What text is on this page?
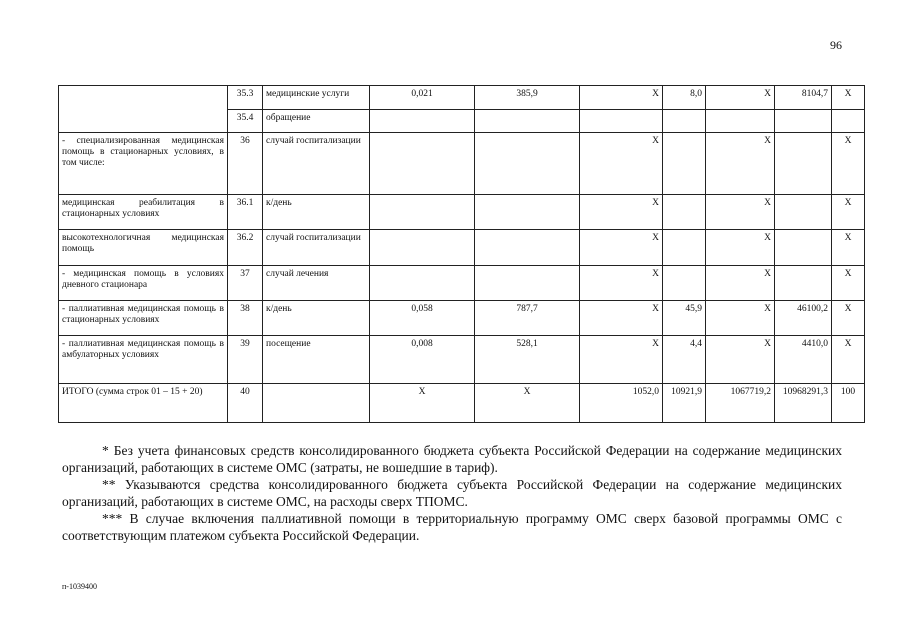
96
	35.3	медицинские услуги	0,021	385,9	Х	8,0	Х	8104,7	Х
	35.4	обращение							
- специализированная медицинская помощь в стационарных условиях, в том числе:	36	случай госпитализации			Х		Х		Х
медицинская реабилитация в стационарных условиях	36.1	к/день			Х		Х		Х
высокотехнологичная медицинская помощь	36.2	случай госпитализации			Х		Х		Х
- медицинская помощь в условиях дневного стационара	37	случай лечения			Х		Х		Х
- паллиативная медицинская помощь в стационарных условиях	38	к/день	0,058	787,7	Х	45,9	Х	46100,2	Х
- паллиативная медицинская помощь в амбулаторных условиях	39	посещение	0,008	528,1	Х	4,4	Х	4410,0	Х
ИТОГО (сумма строк 01 – 15 + 20)	40		Х	Х	1052,0	10921,9	1067719,2	10968291,3	100

* Без учета финансовых средств консолидированного бюджета субъекта Российской Федерации на содержание медицинских организаций, работающих в системе ОМС (затраты, не вошедшие в тариф).

** Указываются средства консолидированного бюджета субъекта Российской Федерации на содержание медицинских организаций, работающих в системе ОМС, на расходы сверх ТПОМС.

*** В случае включения паллиативной помощи в территориальную программу ОМС сверх базовой программы ОМС с соответствующим платежом субъекта Российской Федерации.

п-1039400
